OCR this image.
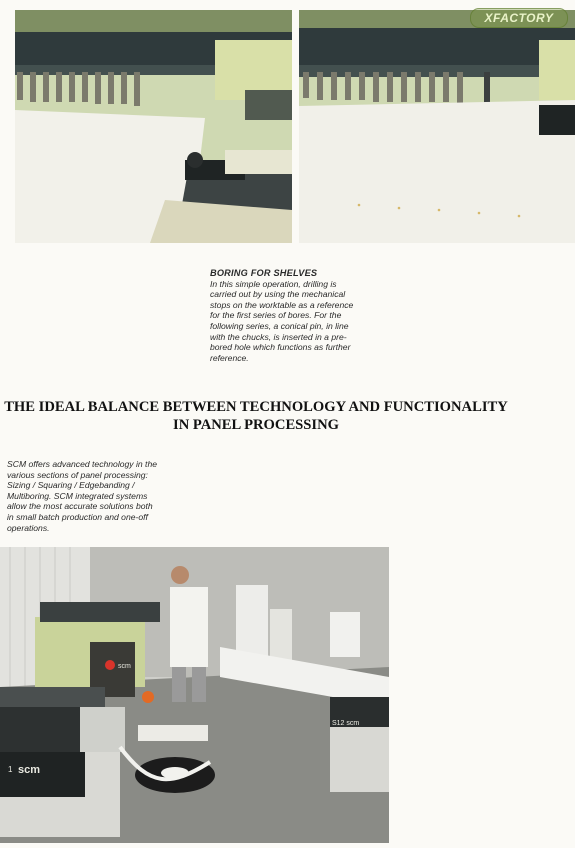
XFACTORY
BORING FOR SHELVES
In this simple operation, drilling is
carried out by using the mechanical
stops on the worktable as a reference
for the first series of bores. For the
following series, a conical pin, in line
with the chucks, is inserted in a pre-
bored hole which functions as further
reference.
THE IDEAL BALANCE BETWEEN TECHNOLOGY AND FUNCTIONALITY
IN PANEL PROCESSING
SCM offers advanced technology in the
various sections of panel processing:
Sizing / Squaring / Edgebanding /
Multiboring. SCM integrated systems
allow the most accurate solutions both
in small batch production and one-off
operations.
scm
S12 scm
1 scm
